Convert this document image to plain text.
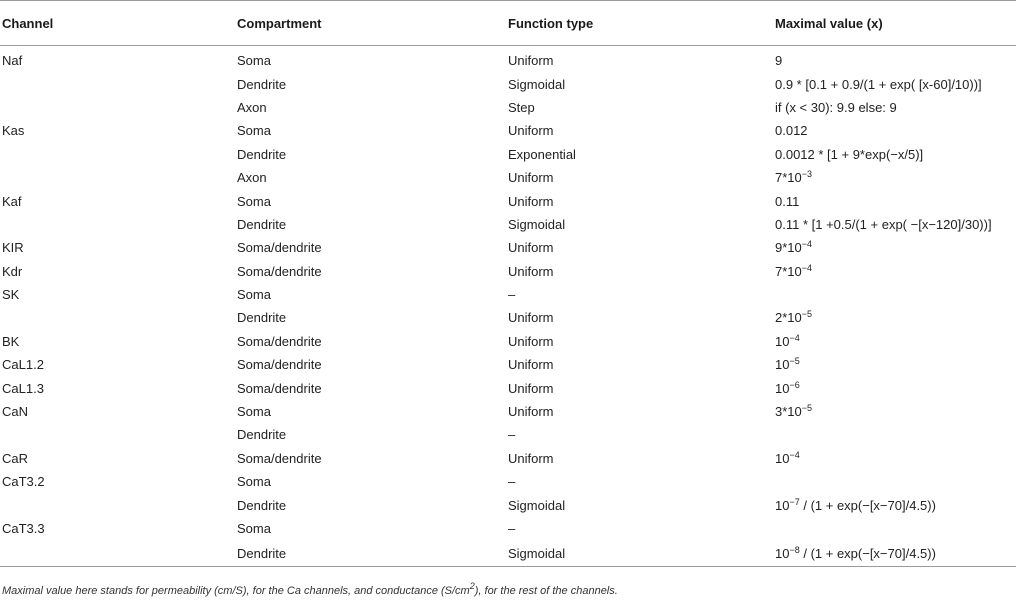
Channel	Compartment	Function type	Maximal value (x)
Naf	Soma	Uniform	9
	Dendrite	Sigmoidal	0.9 * [0.1 + 0.9/(1 + exp( [x-60]/10))]
	Axon	Step	if (x < 30): 9.9 else: 9
Kas	Soma	Uniform	0.012
	Dendrite	Exponential	0.0012 * [1 + 9*exp(−x/5)]
	Axon	Uniform	$7*10^{-3}$
Kaf	Soma	Uniform	0.11
	Dendrite	Sigmoidal	0.11 * [1 +0.5/(1 + exp( −[x−120]/30))]
KIR	Soma/dendrite	Uniform	$9*10^{-4}$
Kdr	Soma/dendrite	Uniform	$7*10^{-4}$
SK	Soma	–	
	Dendrite	Uniform	$2*10^{-5}$
BK	Soma/dendrite	Uniform	$10^{-4}$
CaL1.2	Soma/dendrite	Uniform	$10^{-5}$
CaL1.3	Soma/dendrite	Uniform	$10^{-6}$
CaN	Soma	Uniform	$3*10^{-5}$
	Dendrite	–	
CaR	Soma/dendrite	Uniform	$10^{-4}$
CaT3.2	Soma	–	
	Dendrite	Sigmoidal	$10^{-7} / (1 + \exp(-[x-70]/4.5))$
CaT3.3	Soma	–	
	Dendrite	Sigmoidal	$10^{-8} / (1 + \exp(-[x-70]/4.5))$
Maximal value here stands for permeability (cm/S), for the Ca channels, and conductance $(S/cm^2)$, for the rest of the channels.
